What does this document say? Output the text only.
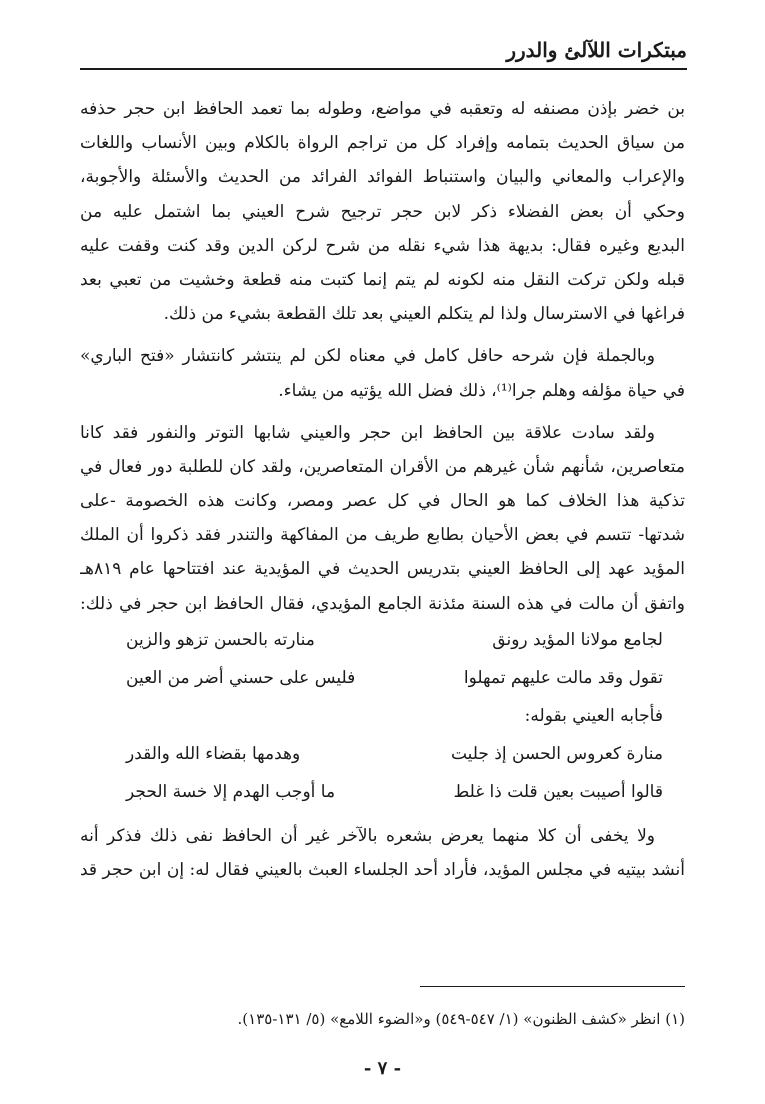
مبتكرات اللآلئ والدرر
بن خضر بإذن مصنفه له وتعقبه في مواضع، وطوله بما تعمد الحافظ ابن حجر حذفه
من سياق الحديث بتمامه وإفراد كل من تراجم الرواة بالكلام وبين الأنساب واللغات
والإعراب والمعاني والبيان واستنباط الفوائد الفرائد من الحديث والأسئلة والأجوبة،
وحكي أن بعض الفضلاء ذكر لابن حجر ترجيح شرح العيني بما اشتمل عليه من
البديع وغيره فقال: بديهة هذا شيء نقله من شرح لركن الدين وقد كنت وقفت عليه
قبله ولكن تركت النقل منه لكونه لم يتم إنما كتبت منه قطعة وخشيت من تعبي بعد
فراغها في الاسترسال ولذا لم يتكلم العيني بعد تلك القطعة بشيء من ذلك.
وبالجملة فإن شرحه حافل كامل في معناه لكن لم ينتشر كانتشار «فتح الباري»
في حياة مؤلفه وهلم جرا⁽¹⁾، ذلك فضل الله يؤتيه من يشاء.
ولقد سادت علاقة بين الحافظ ابن حجر والعيني شابها التوتر والنفور فقد كانا
متعاصرين، شأنهم شأن غيرهم من الأقران المتعاصرين، ولقد كان للطلبة دور فعال في
تذكية هذا الخلاف كما هو الحال في كل عصر ومصر، وكانت هذه الخصومة -على
شدتها- تتسم في بعض الأحيان بطابع طريف من المفاكهة والتندر فقد ذكروا أن الملك
المؤيد عهد إلى الحافظ العيني بتدريس الحديث في المؤيدية عند افتتاحها عام ٨١٩هـ
واتفق أن مالت في هذه السنة مئذنة الجامع المؤيدي، فقال الحافظ ابن حجر في ذلك:
لجامع مولانا المؤيد رونق
منارته بالحسن تزهو والزين
تقول وقد مالت عليهم تمهلوا
فليس على حسني أضر من العين
فأجابه العيني بقوله:
منارة كعروس الحسن إذ جليت
وهدمها بقضاء الله والقدر
قالوا أصيبت بعين قلت ذا غلط
ما أوجب الهدم إلا خسة الحجر
ولا يخفى أن كلا منهما يعرض بشعره بالآخر غير أن الحافظ نفى ذلك فذكر أنه
أنشد بيتيه في مجلس المؤيد، فأراد أحد الجلساء العبث بالعيني فقال له: إن ابن حجر قد
(١) انظر «كشف الظنون» (١/ ٥٤٧-٥٤٩) و«الضوء اللامع» (٥/ ١٣١-١٣٥).
- ٧ -
